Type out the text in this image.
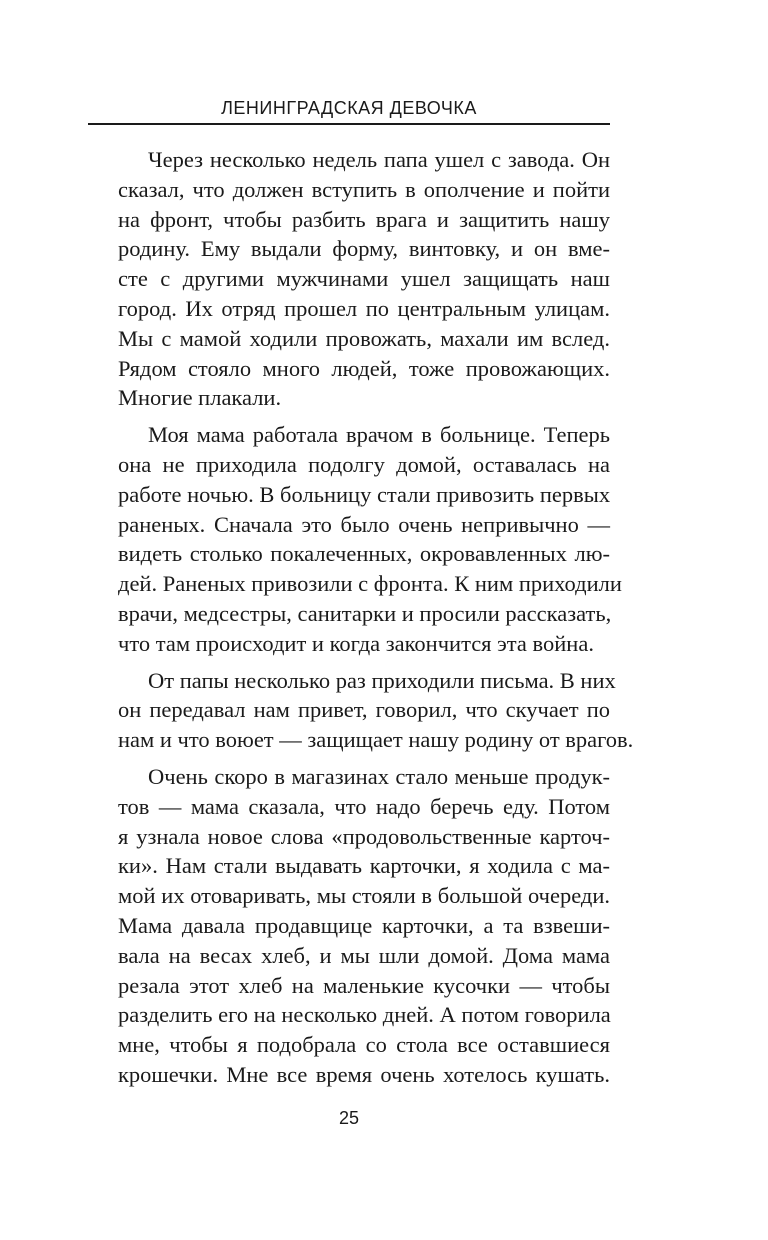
ЛЕНИНГРАДСКАЯ ДЕВОЧКА
Через несколько недель папа ушел с завода. Он
сказал, что должен вступить в ополчение и пойти
на фронт, чтобы разбить врага и защитить нашу
родину. Ему выдали форму, винтовку, и он вме-
сте с другими мужчинами ушел защищать наш
город. Их отряд прошел по центральным улицам.
Мы с мамой ходили провожать, махали им вслед.
Рядом стояло много людей, тоже провожающих.
Многие плакали.
Моя мама работала врачом в больнице. Теперь
она не приходила подолгу домой, оставалась на
работе ночью. В больницу стали привозить первых
раненых. Сначала это было очень непривычно —
видеть столько покалеченных, окровавленных лю-
дей. Раненых привозили с фронта. К ним приходили
врачи, медсестры, санитарки и просили рассказать,
что там происходит и когда закончится эта война.
От папы несколько раз приходили письма. В них
он передавал нам привет, говорил, что скучает по
нам и что воюет — защищает нашу родину от врагов.
Очень скоро в магазинах стало меньше продук-
тов — мама сказала, что надо беречь еду. Потом
я узнала новое слова «продовольственные карточ-
ки». Нам стали выдавать карточки, я ходила с ма-
мой их отоваривать, мы стояли в большой очереди.
Мама давала продавщице карточки, а та взвеши-
вала на весах хлеб, и мы шли домой. Дома мама
резала этот хлеб на маленькие кусочки — чтобы
разделить его на несколько дней. А потом говорила
мне, чтобы я подобрала со стола все оставшиеся
крошечки. Мне все время очень хотелось кушать.
25
